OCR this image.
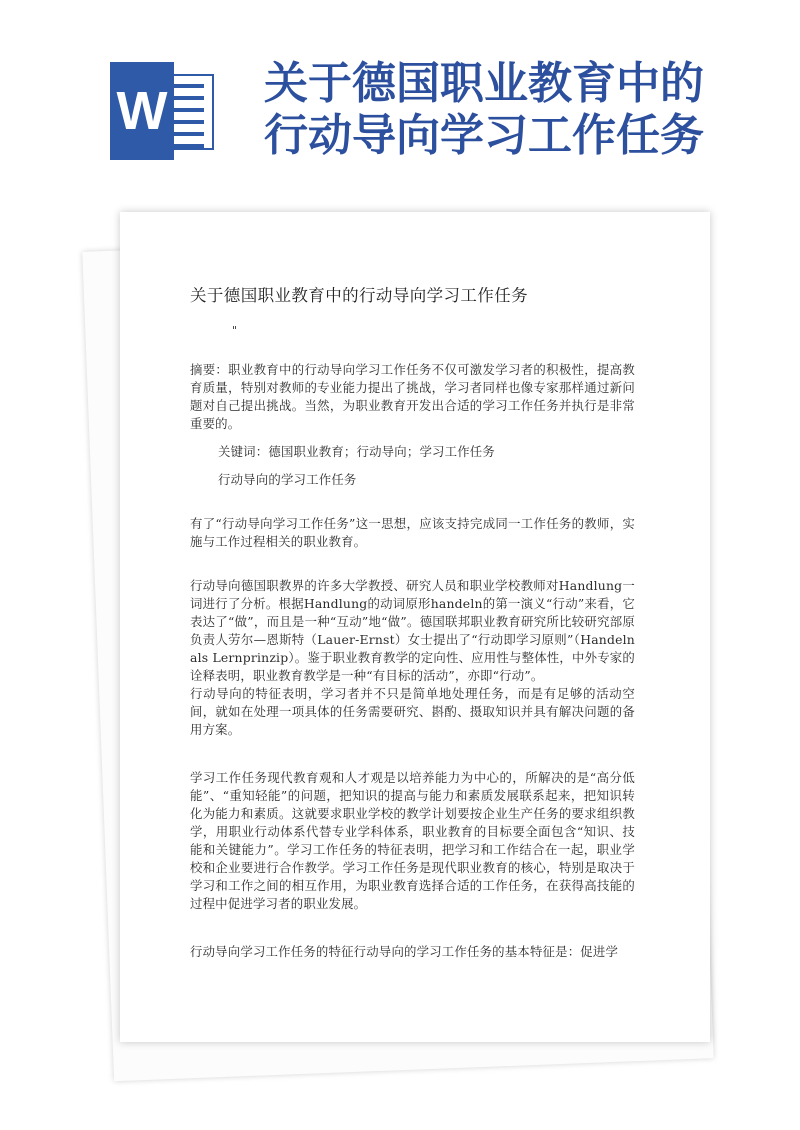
W 关于德国职业教育中的行动导向学习工作任务
关于德国职业教育中的行动导向学习工作任务
"

摘要：职业教育中的行动导向学习工作任务不仅可激发学习者的积极性，提高教育质量，特别对教师的专业能力提出了挑战，学习者同样也像专家那样通过新问题对自己提出挑战。当然，为职业教育开发出合适的学习工作任务并执行是非常重要的。

关键词：德国职业教育；行动导向；学习工作任务

行动导向的学习工作任务

有了“行动导向学习工作任务”这一思想，应该支持完成同一工作任务的教师，实施与工作过程相关的职业教育。

行动导向德国职教界的许多大学教授、研究人员和职业学校教师对Handlung一词进行了分析。根据Handlung的动词原形handeln的第一演义“行动”来看，它表达了“做”，而且是一种“互动”地“做”。德国联邦职业教育研究所比较研究部原负责人劳尔—恩斯特（Lauer-Ernst）女士提出了“行动即学习原则”（Handeln als Lernprinzip）。鉴于职业教育教学的定向性、应用性与整体性，中外专家的诠释表明，职业教育教学是一种“有目标的活动”，亦即“行动”。

行动导向的特征表明，学习者并不只是简单地处理任务，而是有足够的活动空间，就如在处理一项具体的任务需要研究、斟酌、摄取知识并具有解决问题的备用方案。

学习工作任务现代教育观和人才观是以培养能力为中心的，所解决的是“高分低能”、“重知轻能”的问题，把知识的提高与能力和素质发展联系起来，把知识转化为能力和素质。这就要求职业学校的教学计划要按企业生产任务的要求组织教学，用职业行动体系代替专业学科体系，职业教育的目标要全面包含“知识、技能和关键能力”。学习工作任务的特征表明，把学习和工作结合在一起，职业学校和企业要进行合作教学。学习工作任务是现代职业教育的核心，特别是取决于学习和工作之间的相互作用，为职业教育选择合适的工作任务，在获得高技能的过程中促进学习者的职业发展。

行动导向学习工作任务的特征行动导向的学习工作任务的基本特征是：促进学
